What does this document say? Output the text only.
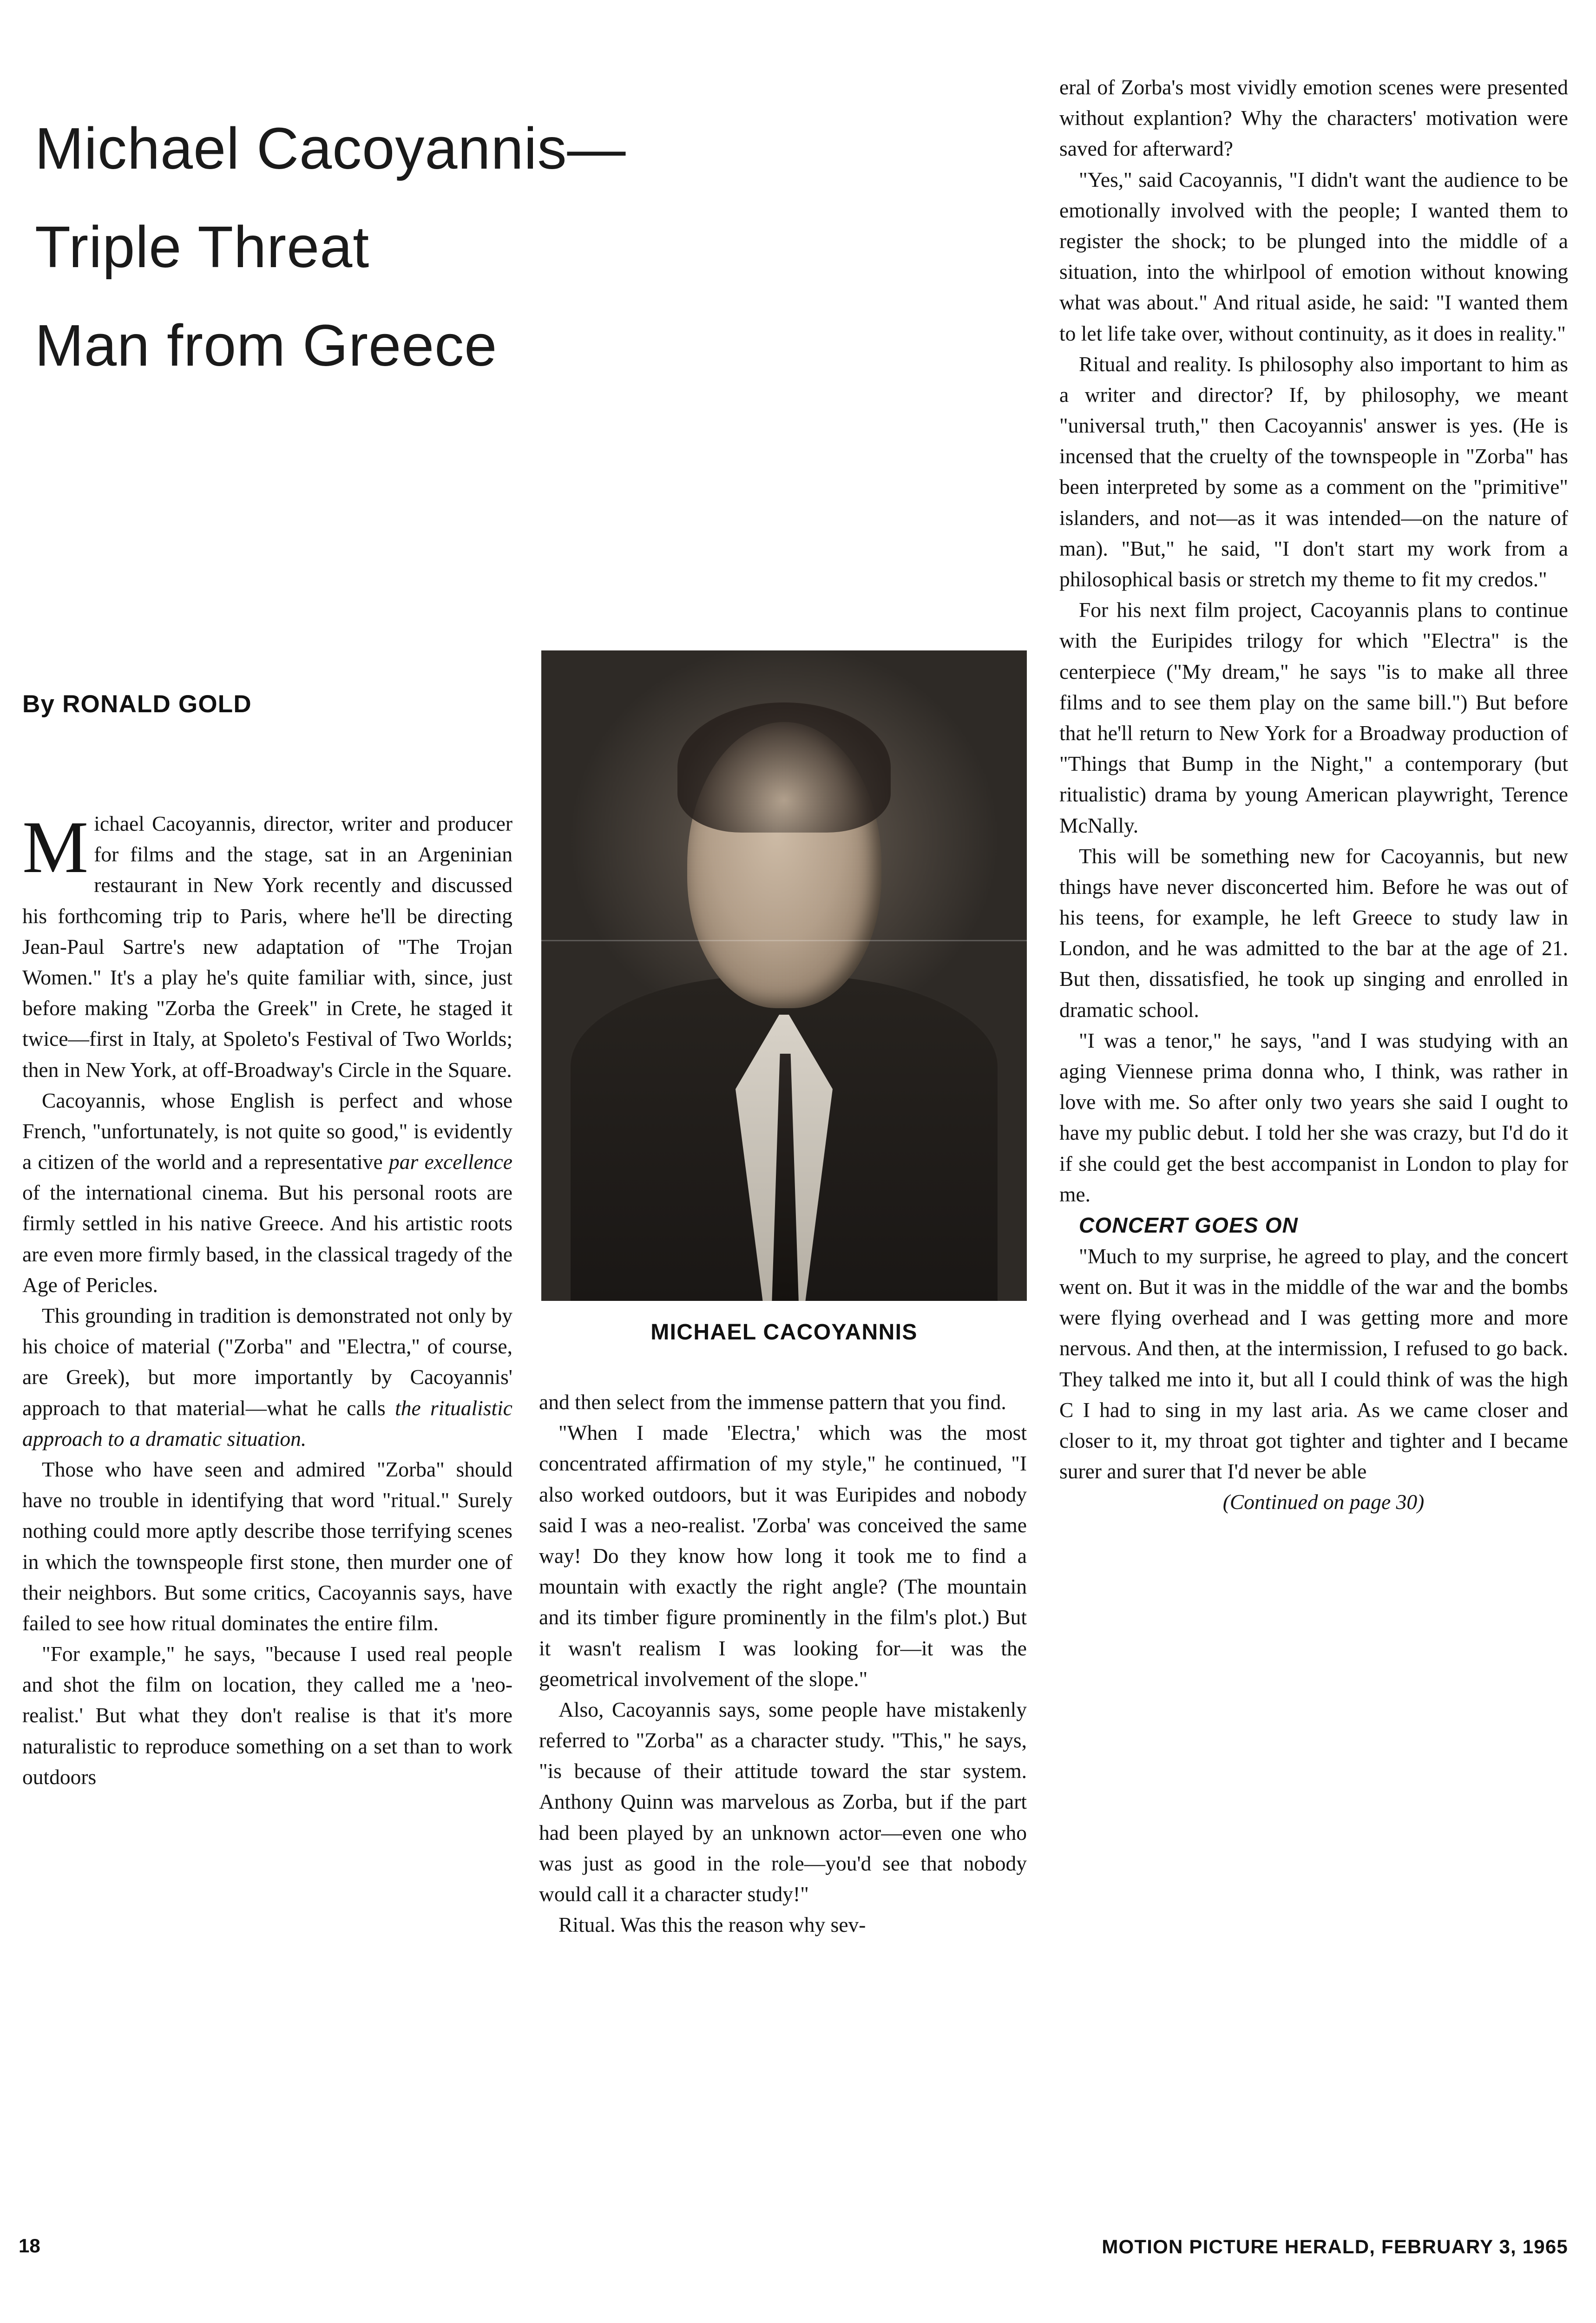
Michael Cacoyannis—
Triple Threat
Man from Greece
By RONALD GOLD
MICHAEL CACOYANNIS

Michael Cacoyannis, director, writer and producer for films and the stage, sat in an Argeninian restaurant in New York recently and discussed his forthcoming trip to Paris, where he'll be directing Jean-Paul Sartre's new adaptation of "The Trojan Women." It's a play he's quite familiar with, since, just before making "Zorba the Greek" in Crete, he staged it twice—first in Italy, at Spoleto's Festival of Two Worlds; then in New York, at off-Broadway's Circle in the Square.

Cacoyannis, whose English is perfect and whose French, "unfortunately, is not quite so good," is evidently a citizen of the world and a representative par excellence of the international cinema. But his personal roots are firmly settled in his native Greece. And his artistic roots are even more firmly based, in the classical tragedy of the Age of Pericles.

This grounding in tradition is demonstrated not only by his choice of material ("Zorba" and "Electra," of course, are Greek), but more importantly by Cacoyannis' approach to that material—what he calls the ritualistic approach to a dramatic situation.

Those who have seen and admired "Zorba" should have no trouble in identifying that word "ritual." Surely nothing could more aptly describe those terrifying scenes in which the townspeople first stone, then murder one of their neighbors. But some critics, Cacoyannis says, have failed to see how ritual dominates the entire film.

"For example," he says, "because I used real people and shot the film on location, they called me a 'neo-realist.' But what they don't realise is that it's more naturalistic to reproduce something on a set than to work outdoors

and then select from the immense pattern that you find.

"When I made 'Electra,' which was the most concentrated affirmation of my style," he continued, "I also worked outdoors, but it was Euripides and nobody said I was a neo-realist. 'Zorba' was conceived the same way! Do they know how long it took me to find a mountain with exactly the right angle? (The mountain and its timber figure prominently in the film's plot.) But it wasn't realism I was looking for—it was the geometrical involvement of the slope."

Also, Cacoyannis says, some people have mistakenly referred to "Zorba" as a character study. "This," he says, "is because of their attitude toward the star system. Anthony Quinn was marvelous as Zorba, but if the part had been played by an unknown actor—even one who was just as good in the role—you'd see that nobody would call it a character study!"

Ritual. Was this the reason why sev-

eral of Zorba's most vividly emotion scenes were presented without explantion? Why the characters' motivation were saved for afterward?

"Yes," said Cacoyannis, "I didn't want the audience to be emotionally involved with the people; I wanted them to register the shock; to be plunged into the middle of a situation, into the whirlpool of emotion without knowing what was about." And ritual aside, he said: "I wanted them to let life take over, without continuity, as it does in reality."

Ritual and reality. Is philosophy also important to him as a writer and director? If, by philosophy, we meant "universal truth," then Cacoyannis' answer is yes. (He is incensed that the cruelty of the townspeople in "Zorba" has been interpreted by some as a comment on the "primitive" islanders, and not—as it was intended—on the nature of man). "But," he said, "I don't start my work from a philosophical basis or stretch my theme to fit my credos."

For his next film project, Cacoyannis plans to continue with the Euripides trilogy for which "Electra" is the centerpiece ("My dream," he says "is to make all three films and to see them play on the same bill.") But before that he'll return to New York for a Broadway production of "Things that Bump in the Night," a contemporary (but ritualistic) drama by young American playwright, Terence McNally.

This will be something new for Cacoyannis, but new things have never disconcerted him. Before he was out of his teens, for example, he left Greece to study law in London, and he was admitted to the bar at the age of 21. But then, dissatisfied, he took up singing and enrolled in dramatic school.

"I was a tenor," he says, "and I was studying with an aging Viennese prima donna who, I think, was rather in love with me. So after only two years she said I ought to have my public debut. I told her she was crazy, but I'd do it if she could get the best accompanist in London to play for me.

CONCERT GOES ON

"Much to my surprise, he agreed to play, and the concert went on. But it was in the middle of the war and the bombs were flying overhead and I was getting more and more nervous. And then, at the intermission, I refused to go back. They talked me into it, but all I could think of was the high C I had to sing in my last aria. As we came closer and closer to it, my throat got tighter and tighter and I became surer and surer that I'd never be able

(Continued on page 30)

18	MOTION PICTURE HERALD, FEBRUARY 3, 1965
